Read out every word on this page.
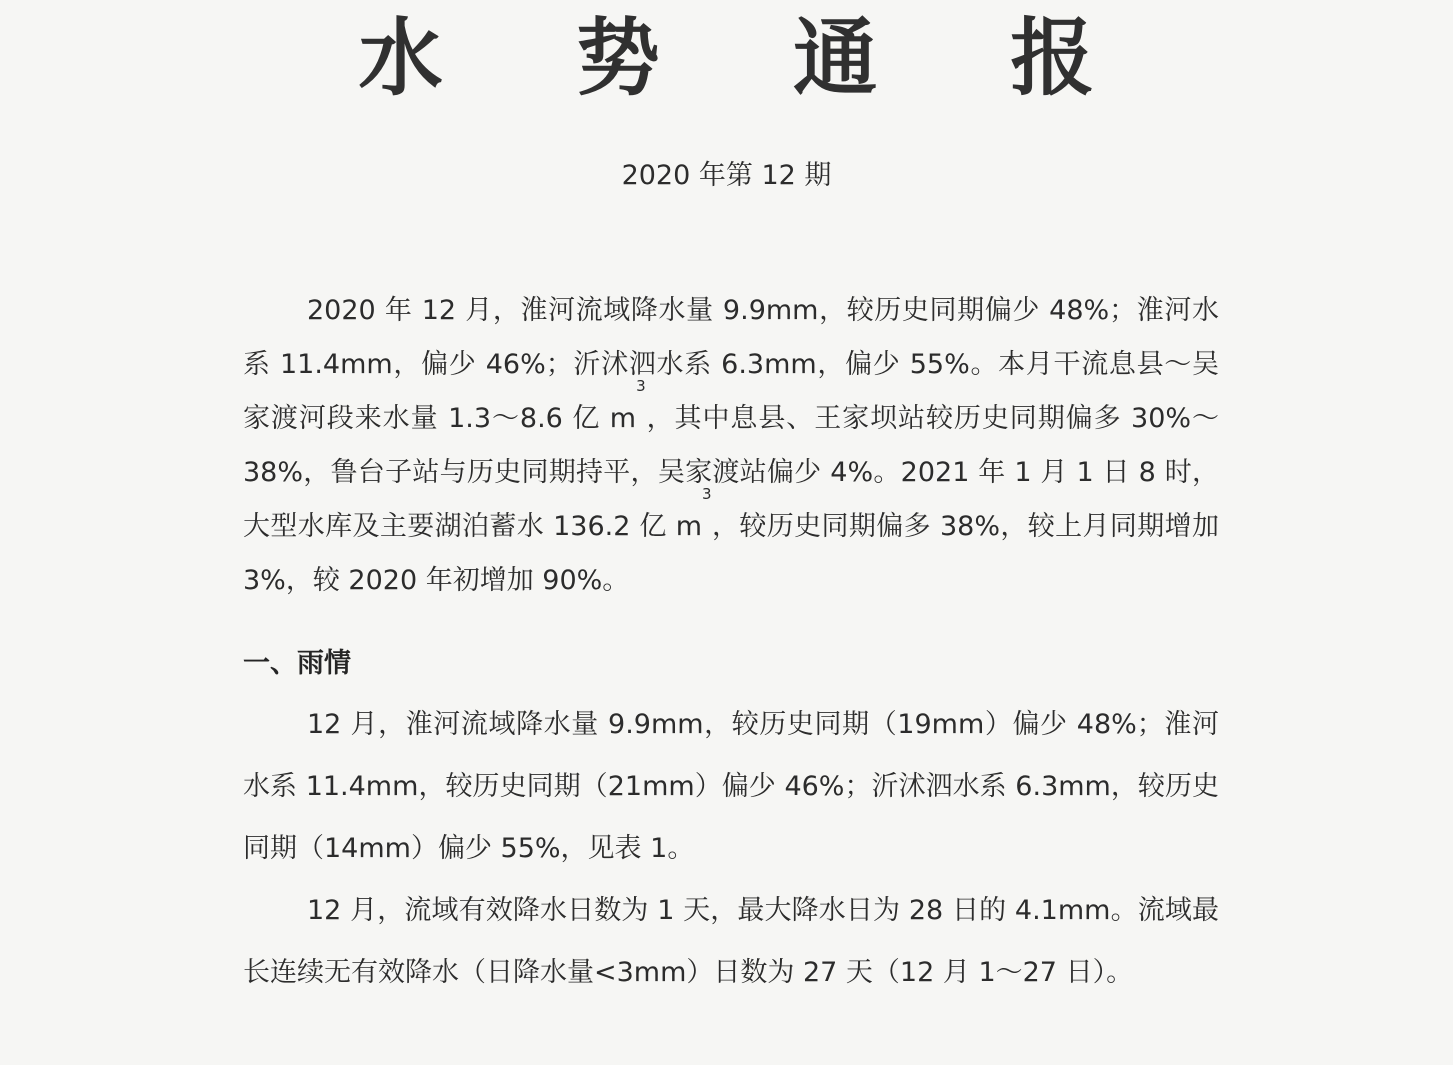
水 势 通 报
2020 年第 12 期

2020 年 12 月，淮河流域降水量 9.9mm，较历史同期偏少 48%；淮河水系 11.4mm，偏少 46%；沂沭泗水系 6.3mm，偏少 55%。本月干流息县～吴家渡河段来水量 1.3～8.6 亿 $m^3$，其中息县、王家坝站较历史同期偏多 30%～38%，鲁台子站与历史同期持平，吴家渡站偏少 4%。2021 年 1 月 1 日 8 时，大型水库及主要湖泊蓄水 136.2 亿 $m^3$，较历史同期偏多 38%，较上月同期增加 3%，较 2020 年初增加 90%。

一、雨情

12 月，淮河流域降水量 9.9mm，较历史同期（19mm）偏少 48%；淮河水系 11.4mm，较历史同期（21mm）偏少 46%；沂沭泗水系 6.3mm，较历史同期（14mm）偏少 55%，见表 1。

12 月，流域有效降水日数为 1 天，最大降水日为 28 日的 4.1mm。流域最长连续无有效降水（日降水量<3mm）日数为 27 天（12 月 1～27 日）。
